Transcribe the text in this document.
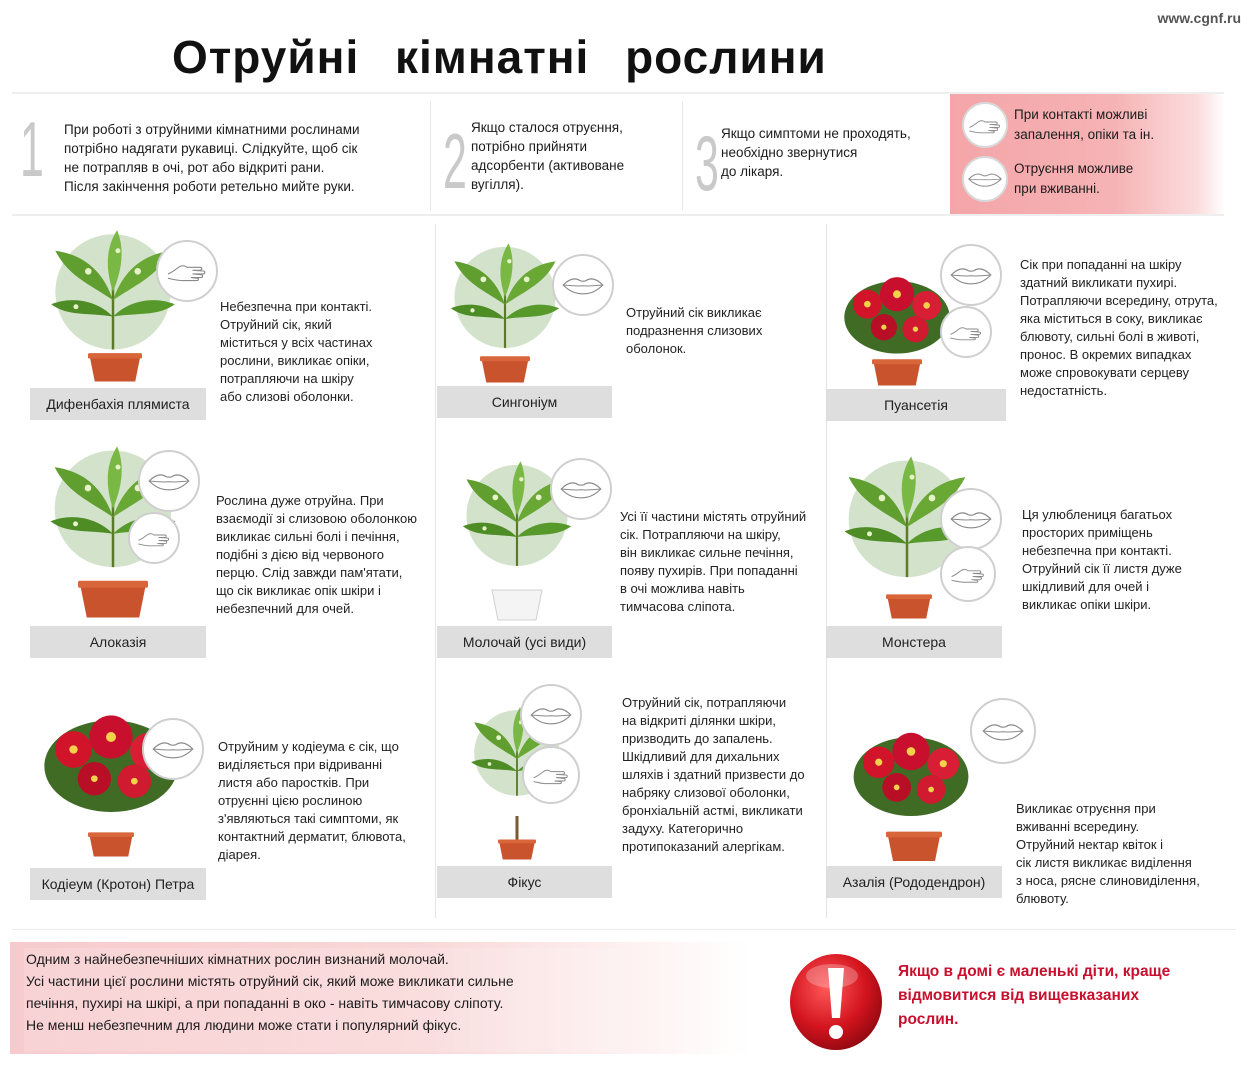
www.cgnf.ru
Отруйні кімнатні рослини
1 При роботі з отруйними кімнатними рослинами
потрібно надягати рукавиці. Слідкуйте, щоб сік
не потрапляв в очі, рот або відкриті рани.
Після закінчення роботи ретельно мийте руки.	2 Якщо сталося отруєння,
потрібно прийняти
адсорбенти (активоване
вугілля).	3 Якщо симптоми не проходять,
необхідно звернутися
до лікаря.
При контакті можливі
запалення, опіки та ін.
Отруєння можливе
при вживанні.
Дифенбахія плямиста
Небезпечна при контакті.
Отруйний сік, який
міститься у всіх частинах
рослини, викликає опіки,
потрапляючи на шкіру
або слизові оболонки.	Сингоніум
Отруйний сік викликає
подразнення слизових
оболонок.
Пуансетія
Сік при попаданні на шкіру
здатний викликати пухирі.
Потрапляючи всередину, отрута,
яка міститься в соку, викликає
блювоту, сильні болі в животі,
пронос. В окремих випадках
може спровокувати серцеву
недостатність.
Алоказія
Рослина дуже отруйна. При
взаємодії зі слизовою оболонкою
викликає сильні болі і печіння,
подібні з дією від червоного
перцю. Слід завжди пам'ятати,
що сік викликає опік шкіри і
небезпечний для очей.
Молочай (усі види)
Усі її частини містять отруйний
сік. Потрапляючи на шкіру,
він викликає сильне печіння,
появу пухирів. При попаданні
в очі можлива навіть
тимчасова сліпота.
Монстера
Ця улюблениця багатьох
просторих приміщень
небезпечна при контакті.
Отруйний сік її листя дуже
шкідливий для очей і
викликає опіки шкіри.
Кодіеум (Кротон) Петра
Отруйним у кодіеума є сік, що
виділяється при відриванні
листя або паростків. При
отруєнні цією рослиною
з'являються такі симптоми, як
контактний дерматит, блювота,
діарея.
Фікус
Отруйний сік, потрапляючи
на відкриті ділянки шкіри,
призводить до запалень.
Шкідливий для дихальних
шляхів і здатний призвести до
набряку слизової оболонки,
бронхіальній астмі, викликати
задуху. Категорично
протипоказаний алергікам.
Азалія (Рододендрон)
Викликає отруєння при
вживанні всередину.
Отруйний нектар квіток і
сік листя викликає виділення
з носа, рясне слиновиділення,
блювоту.
Одним з найнебезпечніших кімнатних рослин визнаний молочай.
Усі частини цієї рослини містять отруйний сік, який може викликати сильне
печіння, пухирі на шкірі, а при попаданні в око - навіть тимчасову сліпоту.
Не менш небезпечним для людини може стати і популярний фікус.
Якщо в домі є маленькі діти, краще
відмовитися від вищевказаних
рослин.
